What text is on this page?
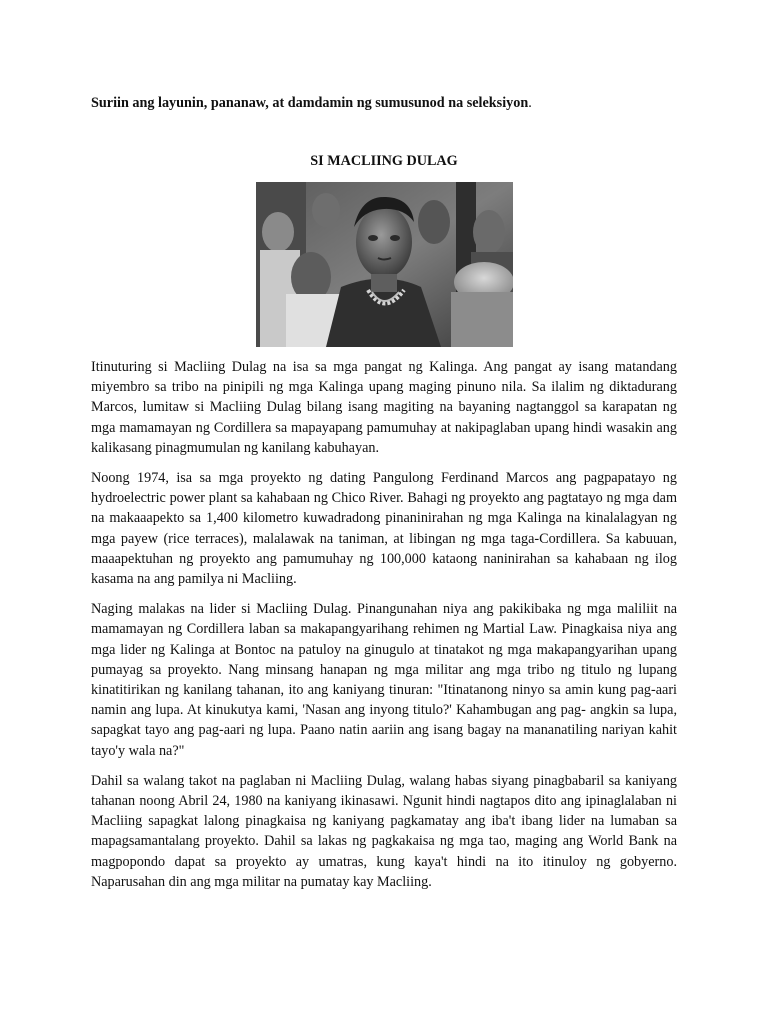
Suriin ang layunin, pananaw, at damdamin ng sumusunod na seleksiyon.
SI MACLIING DULAG

Itinuturing si Macliing Dulag na isa sa mga pangat ng Kalinga. Ang pangat ay isang matandang miyembro sa tribo na pinipili ng mga Kalinga upang maging pinuno nila. Sa ilalim ng diktadurang Marcos, lumitaw si Macliing Dulag bilang isang magiting na bayaning nagtanggol sa karapatan ng mga mamamayan ng Cordillera sa mapayapang pamumuhay at nakipaglaban upang hindi wasakin ang kalikasang pinagmumulan ng kanilang kabuhayan.

Noong 1974, isa sa mga proyekto ng dating Pangulong Ferdinand Marcos ang pagpapatayo ng hydroelectric power plant sa kahabaan ng Chico River. Bahagi ng proyekto ang pagtatayo ng mga dam na makaaapekto sa 1,400 kilometro kuwadradong pinaninirahan ng mga Kalinga na kinalalagyan ng mga payew (rice terraces), malalawak na taniman, at libingan ng mga taga-Cordillera. Sa kabuuan, maaapektuhan ng proyekto ang pamumuhay ng 100,000 kataong naninirahan sa kahabaan ng ilog kasama na ang pamilya ni Macliing.

Naging malakas na lider si Macliing Dulag. Pinangunahan niya ang pakikibaka ng mga maliliit na mamamayan ng Cordillera laban sa makapangyarihang rehimen ng Martial Law. Pinagkaisa niya ang mga lider ng Kalinga at Bontoc na patuloy na ginugulo at tinatakot ng mga makapangyarihan upang pumayag sa proyekto. Nang minsang hanapan ng mga militar ang mga tribo ng titulo ng lupang kinatitirikan ng kanilang tahanan, ito ang kaniyang tinuran: "Itinatanong ninyo sa amin kung pag-aari namin ang lupa. At kinukutya kami, 'Nasan ang inyong titulo?' Kahambugan ang pag- angkin sa lupa, sapagkat tayo ang pag-aari ng lupa. Paano natin aariin ang isang bagay na mananatiling nariyan kahit tayo'y wala na?"

Dahil sa walang takot na paglaban ni Macliing Dulag, walang habas siyang pinagbabaril sa kaniyang tahanan noong Abril 24, 1980 na kaniyang ikinasawi. Ngunit hindi nagtapos dito ang ipinaglalaban ni Macliing sapagkat lalong pinagkaisa ng kaniyang pagkamatay ang iba't ibang lider na lumaban sa mapagsamantalang proyekto. Dahil sa lakas ng pagkakaisa ng mga tao, maging ang World Bank na magpopondo dapat sa proyekto ay umatras, kung kaya't hindi na ito itinuloy ng gobyerno. Naparusahan din ang mga militar na pumatay kay Macliing.
